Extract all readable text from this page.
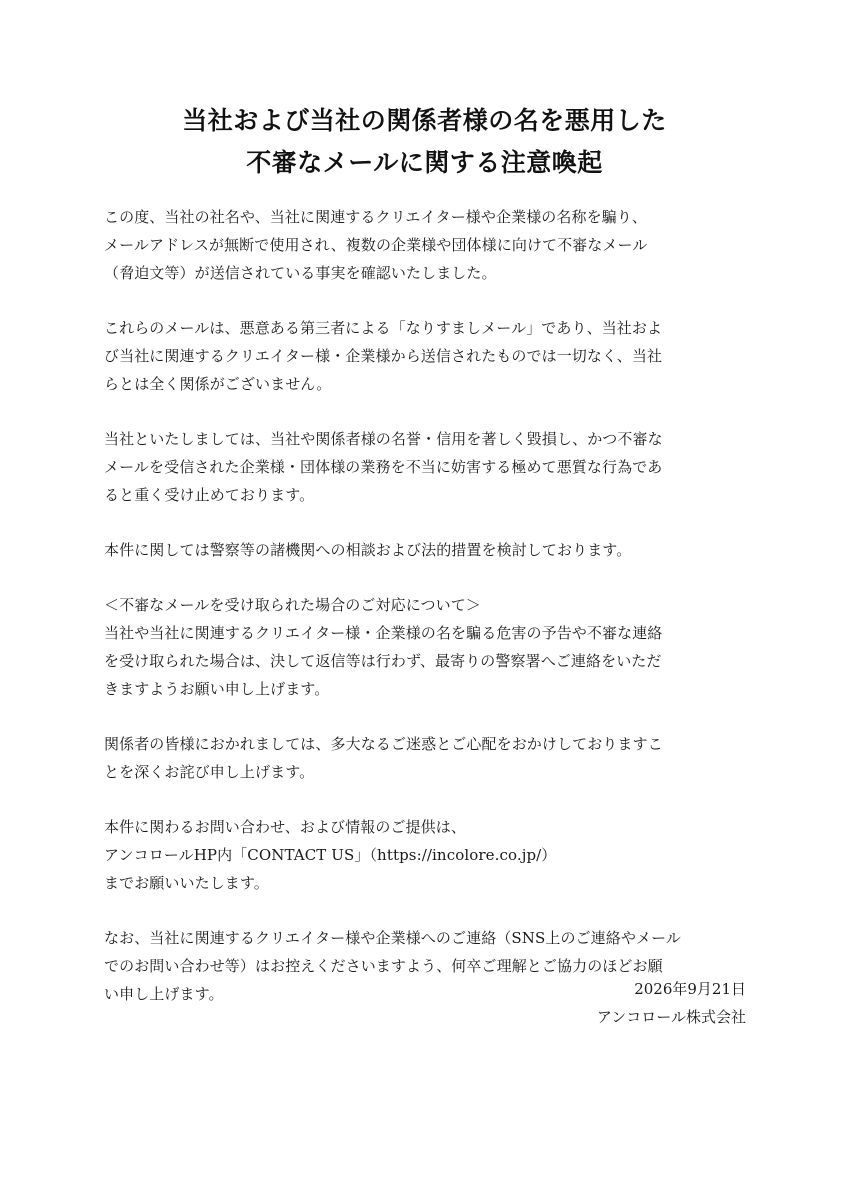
当社および当社の関係者様の名を悪用した
不審なメールに関する注意喚起
この度、当社の社名や、当社に関連するクリエイター様や企業様の名称を騙り、
メールアドレスが無断で使用され、複数の企業様や団体様に向けて不審なメール
（脅迫文等）が送信されている事実を確認いたしました。
これらのメールは、悪意ある第三者による「なりすましメール」であり、当社およ
び当社に関連するクリエイター様・企業様から送信されたものでは一切なく、当社
らとは全く関係がございません。
当社といたしましては、当社や関係者様の名誉・信用を著しく毀損し、かつ不審な
メールを受信された企業様・団体様の業務を不当に妨害する極めて悪質な行為であ
ると重く受け止めております。
本件に関しては警察等の諸機関への相談および法的措置を検討しております。
＜不審なメールを受け取られた場合のご対応について＞
当社や当社に関連するクリエイター様・企業様の名を騙る危害の予告や不審な連絡
を受け取られた場合は、決して返信等は行わず、最寄りの警察署へご連絡をいただ
きますようお願い申し上げます。
関係者の皆様におかれましては、多大なるご迷惑とご心配をおかけしておりますこ
とを深くお詫び申し上げます。
本件に関わるお問い合わせ、および情報のご提供は、
アンコロールHP内「CONTACT US」（https://incolore.co.jp/）
までお願いいたします。
なお、当社に関連するクリエイター様や企業様へのご連絡（SNS上のご連絡やメール
でのお問い合わせ等）はお控えくださいますよう、何卒ご理解とご協力のほどお願
い申し上げます。	2026年9月21日
アンコロール株式会社
